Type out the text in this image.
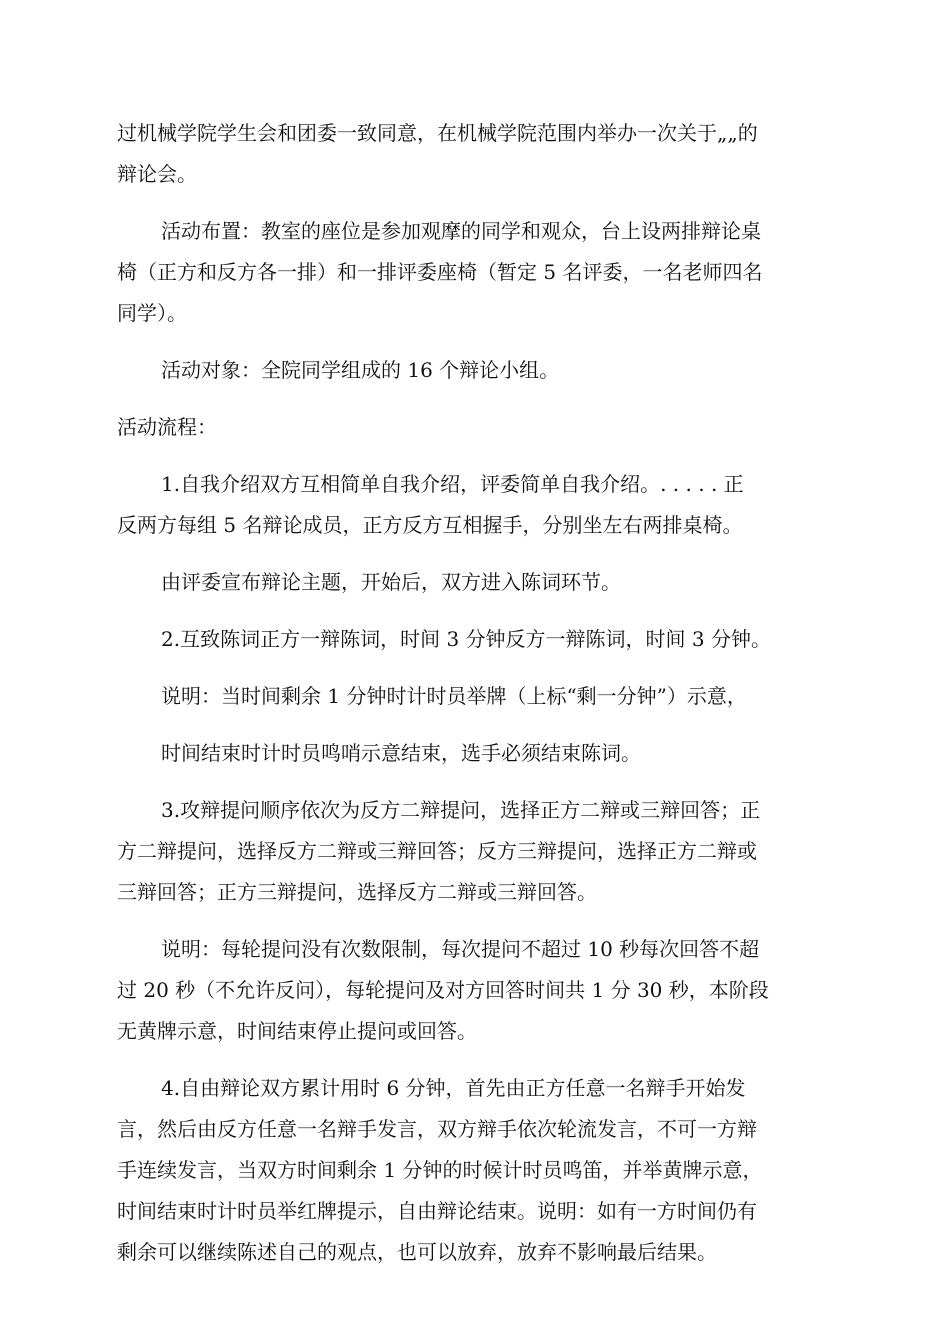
过机械学院学生会和团委一致同意，在机械学院范围内举办一次关于„„的
辩论会。

活动布置：教室的座位是参加观摩的同学和观众，台上设两排辩论桌
椅（正方和反方各一排）和一排评委座椅（暂定 5 名评委，一名老师四名
同学）。

活动对象：全院同学组成的 16 个辩论小组。

活动流程：

1.自我介绍双方互相简单自我介绍，评委简单自我介绍。. . . . . 正
反两方每组 5 名辩论成员，正方反方互相握手，分别坐左右两排桌椅。

由评委宣布辩论主题，开始后，双方进入陈词环节。

2.互致陈词正方一辩陈词，时间 3 分钟反方一辩陈词，时间 3 分钟。

说明：当时间剩余 1 分钟时计时员举牌（上标“剩一分钟”）示意，

时间结束时计时员鸣哨示意结束，选手必须结束陈词。

3.攻辩提问顺序依次为反方二辩提问，选择正方二辩或三辩回答；正
方二辩提问，选择反方二辩或三辩回答；反方三辩提问，选择正方二辩或
三辩回答；正方三辩提问，选择反方二辩或三辩回答。

说明：每轮提问没有次数限制，每次提问不超过 10 秒每次回答不超
过 20 秒（不允许反问），每轮提问及对方回答时间共 1 分 30 秒，本阶段
无黄牌示意，时间结束停止提问或回答。

4.自由辩论双方累计用时 6 分钟，首先由正方任意一名辩手开始发
言，然后由反方任意一名辩手发言，双方辩手依次轮流发言，不可一方辩
手连续发言，当双方时间剩余 1 分钟的时候计时员鸣笛，并举黄牌示意，
时间结束时计时员举红牌提示，自由辩论结束。说明：如有一方时间仍有
剩余可以继续陈述自己的观点，也可以放弃，放弃不影响最后结果。
